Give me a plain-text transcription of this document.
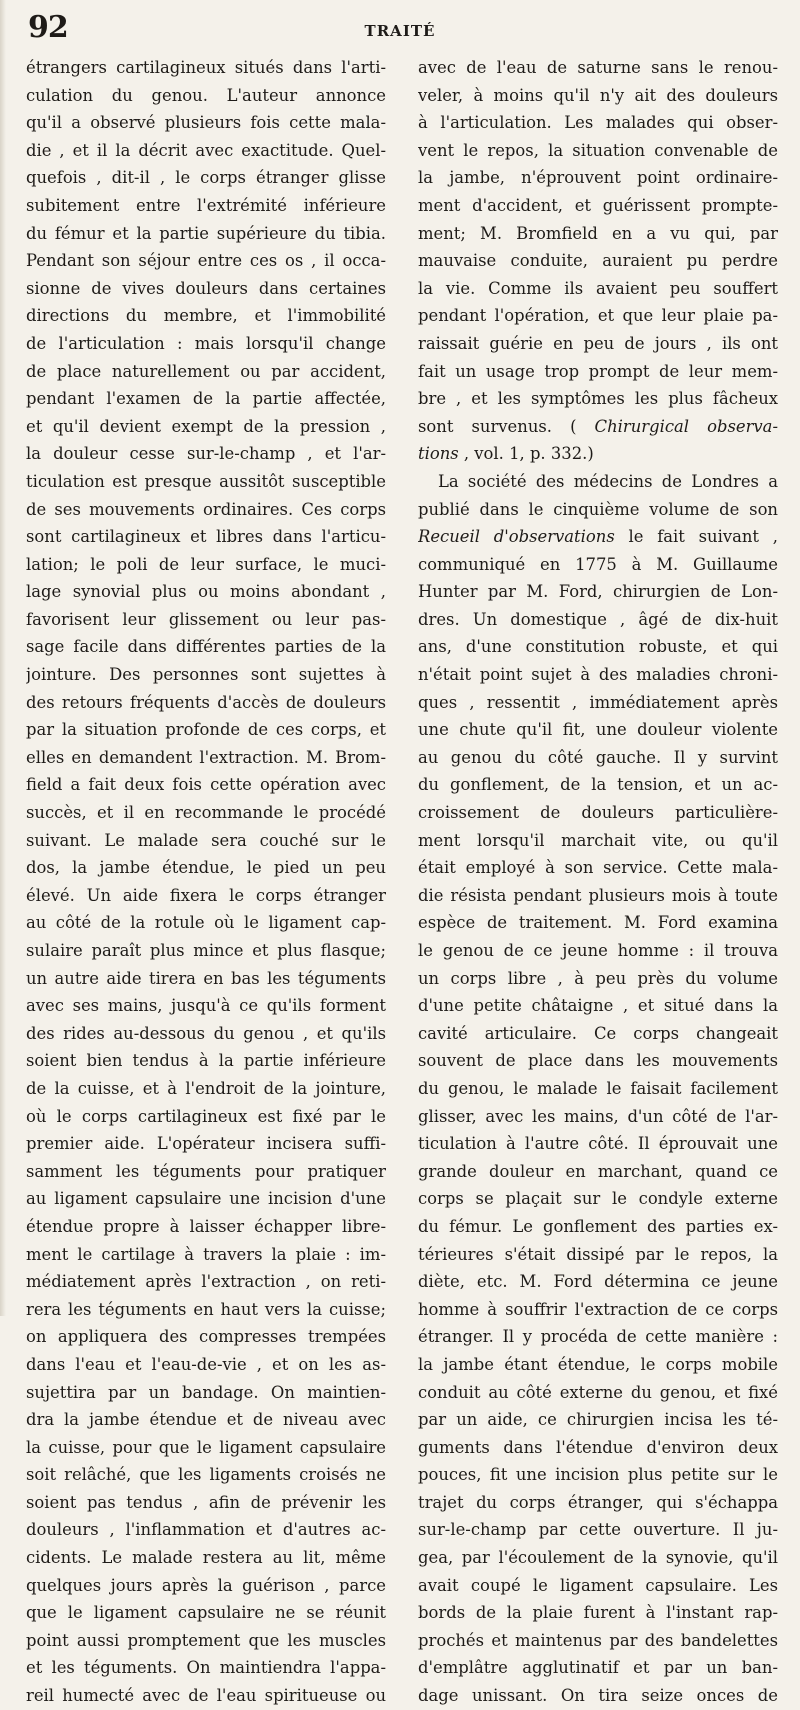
92	TRAITÉ
étrangers cartilagineux situés dans l'arti-
culation du genou. L'auteur annonce
qu'il a observé plusieurs fois cette mala-
die , et il la décrit avec exactitude. Quel-
quefois , dit-il , le corps étranger glisse
subitement entre l'extrémité inférieure
du fémur et la partie supérieure du tibia.
Pendant son séjour entre ces os , il occa-
sionne de vives douleurs dans certaines
directions du membre, et l'immobilité
de l'articulation : mais lorsqu'il change
de place naturellement ou par accident,
pendant l'examen de la partie affectée,
et qu'il devient exempt de la pression ,
la douleur cesse sur-le-champ , et l'ar-
ticulation est presque aussitôt susceptible
de ses mouvements ordinaires. Ces corps
sont cartilagineux et libres dans l'articu-
lation; le poli de leur surface, le muci-
lage synovial plus ou moins abondant ,
favorisent leur glissement ou leur pas-
sage facile dans différentes parties de la
jointure. Des personnes sont sujettes à
des retours fréquents d'accès de douleurs
par la situation profonde de ces corps, et
elles en demandent l'extraction. M. Brom-
field a fait deux fois cette opération avec
succès, et il en recommande le procédé
suivant. Le malade sera couché sur le
dos, la jambe étendue, le pied un peu
élevé. Un aide fixera le corps étranger
au côté de la rotule où le ligament cap-
sulaire paraît plus mince et plus flasque;
un autre aide tirera en bas les téguments
avec ses mains, jusqu'à ce qu'ils forment
des rides au-dessous du genou , et qu'ils
soient bien tendus à la partie inférieure
de la cuisse, et à l'endroit de la jointure,
où le corps cartilagineux est fixé par le
premier aide. L'opérateur incisera suffi-
samment les téguments pour pratiquer
au ligament capsulaire une incision d'une
étendue propre à laisser échapper libre-
ment le cartilage à travers la plaie : im-
médiatement après l'extraction , on reti-
rera les téguments en haut vers la cuisse;
on appliquera des compresses trempées
dans l'eau et l'eau-de-vie , et on les as-
sujettira par un bandage. On maintien-
dra la jambe étendue et de niveau avec
la cuisse, pour que le ligament capsulaire
soit relâché, que les ligaments croisés ne
soient pas tendus , afin de prévenir les
douleurs , l'inflammation et d'autres ac-
cidents. Le malade restera au lit, même
quelques jours après la guérison , parce
que le ligament capsulaire ne se réunit
point aussi promptement que les muscles
et les téguments. On maintiendra l'appa-
reil humecté avec de l'eau spiritueuse ou
avec de l'eau de saturne sans le renou-
veler, à moins qu'il n'y ait des douleurs
à l'articulation. Les malades qui obser-
vent le repos, la situation convenable de
la jambe, n'éprouvent point ordinaire-
ment d'accident, et guérissent prompte-
ment; M. Bromfield en a vu qui, par
mauvaise conduite, auraient pu perdre
la vie. Comme ils avaient peu souffert
pendant l'opération, et que leur plaie pa-
raissait guérie en peu de jours , ils ont
fait un usage trop prompt de leur mem-
bre , et les symptômes les plus fâcheux
sont survenus. ( Chirurgical observa-
tions , vol. 1, p. 332.)
La société des médecins de Londres a
publié dans le cinquième volume de son
Recueil d'observations le fait suivant ,
communiqué en 1775 à M. Guillaume
Hunter par M. Ford, chirurgien de Lon-
dres. Un domestique , âgé de dix-huit
ans, d'une constitution robuste, et qui
n'était point sujet à des maladies chroni-
ques , ressentit , immédiatement après
une chute qu'il fit, une douleur violente
au genou du côté gauche. Il y survint
du gonflement, de la tension, et un ac-
croissement de douleurs particulière-
ment lorsqu'il marchait vite, ou qu'il
était employé à son service. Cette mala-
die résista pendant plusieurs mois à toute
espèce de traitement. M. Ford examina
le genou de ce jeune homme : il trouva
un corps libre , à peu près du volume
d'une petite châtaigne , et situé dans la
cavité articulaire. Ce corps changeait
souvent de place dans les mouvements
du genou, le malade le faisait facilement
glisser, avec les mains, d'un côté de l'ar-
ticulation à l'autre côté. Il éprouvait une
grande douleur en marchant, quand ce
corps se plaçait sur le condyle externe
du fémur. Le gonflement des parties ex-
térieures s'était dissipé par le repos, la
diète, etc. M. Ford détermina ce jeune
homme à souffrir l'extraction de ce corps
étranger. Il y procéda de cette manière :
la jambe étant étendue, le corps mobile
conduit au côté externe du genou, et fixé
par un aide, ce chirurgien incisa les té-
guments dans l'étendue d'environ deux
pouces, fit une incision plus petite sur le
trajet du corps étranger, qui s'échappa
sur-le-champ par cette ouverture. Il ju-
gea, par l'écoulement de la synovie, qu'il
avait coupé le ligament capsulaire. Les
bords de la plaie furent à l'instant rap-
prochés et maintenus par des bandelettes
d'emplâtre agglutinatif et par un ban-
dage unissant. On tira seize onces de
